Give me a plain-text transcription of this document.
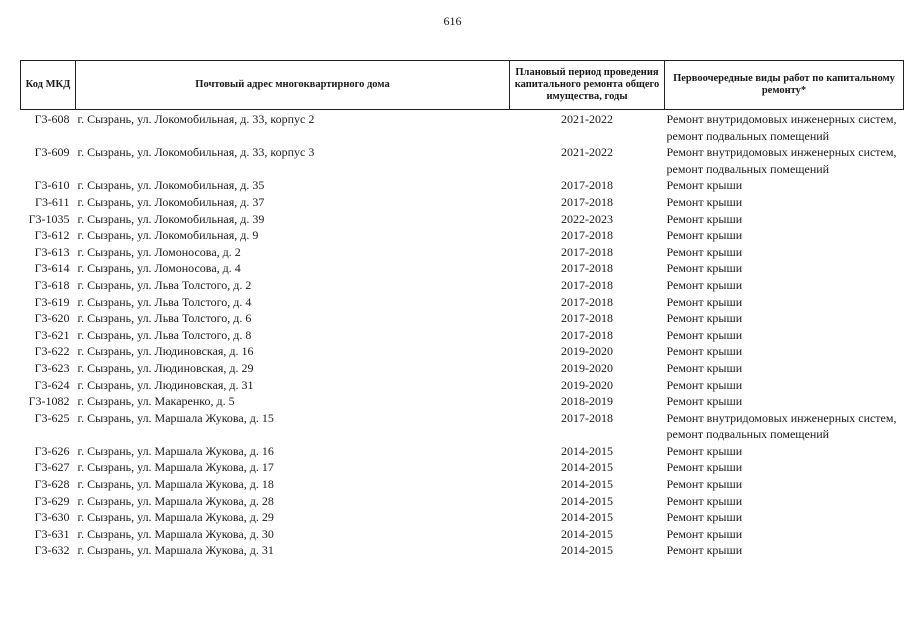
616
Код МКД	Почтовый адрес многоквартирного дома	Плановый период проведения капитального ремонта общего имущества, годы	Первоочередные виды работ по капитальному ремонту*
Г3-608	г. Сызрань, ул. Локомобильная, д. 33, корпус 2	2021-2022	Ремонт внутридомовых инженерных систем,
ремонт подвальных помещений

Г3-609	г. Сызрань, ул. Локомобильная, д. 33, корпус 3	2021-2022	Ремонт внутридомовых инженерных систем,
ремонт подвальных помещений

Г3-610	г. Сызрань, ул. Локомобильная, д. 35	2017-2018	Ремонт крыши

Г3-611	г. Сызрань, ул. Локомобильная, д. 37	2017-2018	Ремонт крыши

Г3-1035	г. Сызрань, ул. Локомобильная, д. 39	2022-2023	Ремонт крыши

Г3-612	г. Сызрань, ул. Локомобильная, д. 9	2017-2018	Ремонт крыши

Г3-613	г. Сызрань, ул. Ломоносова, д. 2	2017-2018	Ремонт крыши

Г3-614	г. Сызрань, ул. Ломоносова, д. 4	2017-2018	Ремонт крыши

Г3-618	г. Сызрань, ул. Льва Толстого, д. 2	2017-2018	Ремонт крыши

Г3-619	г. Сызрань, ул. Льва Толстого, д. 4	2017-2018	Ремонт крыши

Г3-620	г. Сызрань, ул. Льва Толстого, д. 6	2017-2018	Ремонт крыши

Г3-621	г. Сызрань, ул. Льва Толстого, д. 8	2017-2018	Ремонт крыши

Г3-622	г. Сызрань, ул. Людиновская, д. 16	2019-2020	Ремонт крыши

Г3-623	г. Сызрань, ул. Людиновская, д. 29	2019-2020	Ремонт крыши

Г3-624	г. Сызрань, ул. Людиновская, д. 31	2019-2020	Ремонт крыши

Г3-1082	г. Сызрань, ул. Макаренко, д. 5	2018-2019	Ремонт крыши

Г3-625	г. Сызрань, ул. Маршала Жукова, д. 15	2017-2018	Ремонт внутридомовых инженерных систем,
ремонт подвальных помещений

Г3-626	г. Сызрань, ул. Маршала Жукова, д. 16	2014-2015	Ремонт крыши

Г3-627	г. Сызрань, ул. Маршала Жукова, д. 17	2014-2015	Ремонт крыши

Г3-628	г. Сызрань, ул. Маршала Жукова, д. 18	2014-2015	Ремонт крыши

Г3-629	г. Сызрань, ул. Маршала Жукова, д. 28	2014-2015	Ремонт крыши

Г3-630	г. Сызрань, ул. Маршала Жукова, д. 29	2014-2015	Ремонт крыши

Г3-631	г. Сызрань, ул. Маршала Жукова, д. 30	2014-2015	Ремонт крыши

Г3-632	г. Сызрань, ул. Маршала Жукова, д. 31	2014-2015	Ремонт крыши
